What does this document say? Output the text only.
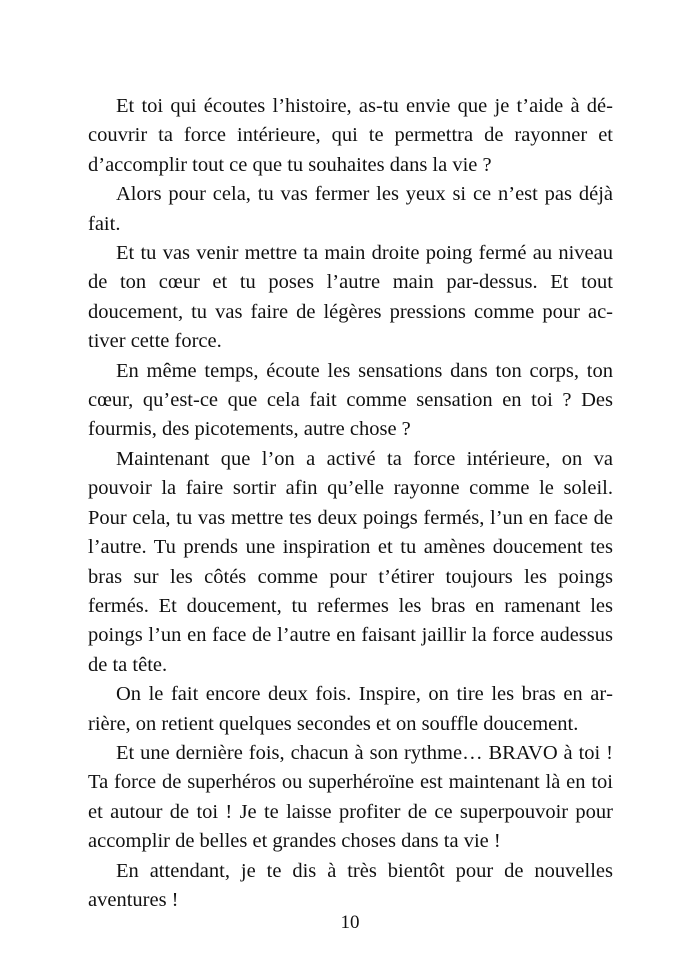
Et toi qui écoutes l’histoire, as-tu envie que je t’aide à découvrir ta force intérieure, qui te permettra de rayonner et d’accomplir tout ce que tu souhaites dans la vie ?

Alors pour cela, tu vas fermer les yeux si ce n’est pas déjà fait.

Et tu vas venir mettre ta main droite poing fermé au niveau de ton cœur et tu poses l’autre main par-dessus. Et tout doucement, tu vas faire de légères pressions comme pour activer cette force.

En même temps, écoute les sensations dans ton corps, ton cœur, qu’est-ce que cela fait comme sensation en toi ? Des fourmis, des picotements, autre chose ?

Maintenant que l’on a activé ta force intérieure, on va pouvoir la faire sortir afin qu’elle rayonne comme le soleil. Pour cela, tu vas mettre tes deux poings fermés, l’un en face de l’autre. Tu prends une inspiration et tu amènes doucement tes bras sur les côtés comme pour t’étirer toujours les poings fermés. Et doucement, tu refermes les bras en ramenant les poings l’un en face de l’autre en faisant jaillir la force audessus de ta tête.

On le fait encore deux fois. Inspire, on tire les bras en arrière, on retient quelques secondes et on souffle doucement.

Et une dernière fois, chacun à son rythme… BRAVO à toi ! Ta force de superhéros ou superhéroïne est maintenant là en toi et autour de toi ! Je te laisse profiter de ce superpouvoir pour accomplir de belles et grandes choses dans ta vie !

En attendant, je te dis à très bientôt pour de nouvelles aventures !

10
